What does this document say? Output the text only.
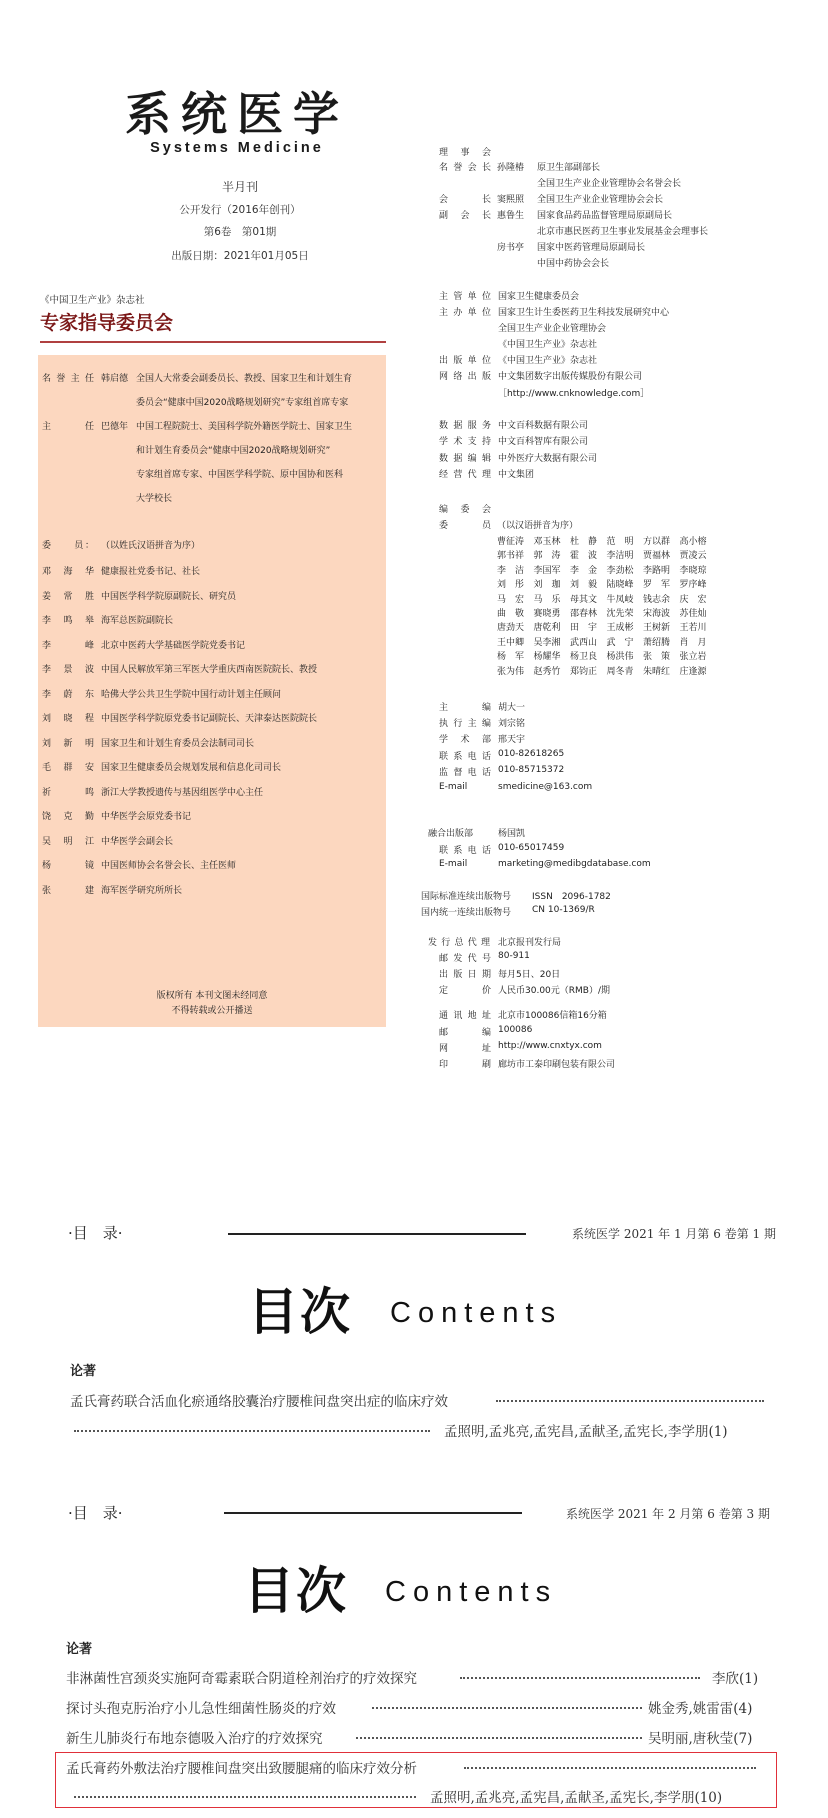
系统医学
Systems Medicine
半月刊
公开发行（2016年创刊）
第6卷　第01期
出版日期：2021年01月05日
《中国卫生产业》杂志社
专家指导委员会
名誉主任 韩启德 全国人大常委会副委员长、教授、国家卫生和计划生育
委员会“健康中国2020战略规划研究”专家组首席专家
主　　任 巴德年 中国工程院院士、美国科学院外籍医学院士、国家卫生
和计划生育委员会“健康中国2020战略规划研究”
专家组首席专家、中国医学科学院、原中国协和医科
大学校长
委　　员： （以姓氏汉语拼音为序）
邓海华 健康报社党委书记、社长
姜常胜 中国医学科学院原副院长、研究员
李鸣皋 海军总医院副院长
李　峰 北京中医药大学基础医学院党委书记
李景波 中国人民解放军第三军医大学重庆西南医院院长、教授
李蔚东 哈佛大学公共卫生学院中国行动计划主任顾问
刘晓程 中国医学科学院原党委书记副院长、天津泰达医院院长
刘新明 国家卫生和计划生育委员会法制司司长
毛群安 国家卫生健康委员会规划发展和信息化司司长
祈　鸣 浙江大学教授遗传与基因组医学中心主任
饶克勤 中华医学会原党委书记
吴明江 中华医学会副会长
杨　镜 中国医师协会名誉会长、主任医师
张　建 海军医学研究所所长
版权所有 本刊文图未经同意
不得转载或公开播送
理　事　会
名誉会长 孙隆椿 原卫生部副部长
全国卫生产业企业管理协会名誉会长
会　　长 窦熙照 全国卫生产业企业管理协会会长
副　会　长 惠鲁生 国家食品药品监督管理局原副局长
北京市惠民医药卫生事业发展基金会理事长
房书亭 国家中医药管理局原副局长
中国中药协会会长
主管单位 国家卫生健康委员会
主办单位 国家卫生计生委医药卫生科技发展研究中心
全国卫生产业企业管理协会
《中国卫生产业》杂志社
出版单位 《中国卫生产业》杂志社
网络出版 中文集团数字出版传媒股份有限公司
［http://www.cnknowledge.com］
数据服务 中文百科数据有限公司
学术支持 中文百科智库有限公司
数据编辑 中外医疗大数据有限公司
经营代理 中文集团
编　委　会
委　　员 （以汉语拼音为序）
曹征涛 邓玉林 杜　静 范　明 方以群 高小榕
郭书祥 郭　涛 霍　波 李洁明 贾福林 贾凌云
李　洁 李国军 李　金 李劲松 李路明 李晓琼
刘　彤 刘　珈 刘　毅 陆晓峰 罗　军 罗序峰
马　宏 马　乐 母其文 牛凤岐 钱志余 庆　宏
曲　敬 赛晓勇 邵春林 沈先荣 宋海波 苏佳灿
唐劲天 唐乾利 田　宇 王成彬 王树新 王若川
王中卿 吴李湘 武西山 武　宁 萧绍腾 肖　月
杨　军 杨耀华 杨卫良 杨洪伟 张　策 张立岩
张为伟 赵秀竹 郑钧正 周冬青 朱晴红 庄逢源
主　　编 胡大一
执行主编 刘宗铭
学 术 部 邢天宇
联系电话 010-82618265
监督电话 010-85715372
E-mail	smedicine@163.com
融合出版部	杨国凯
联系电话 010-65017459
E-mail	marketing@medibgdatabase.com
国际标准连续出版物号 ISSN　2096-1782
国内统一连续出版物号 CN 10-1369/R
发行总代理 北京报刊发行局
邮发代号 80-911
出版日期 每月5日、20日
定　　价 人民币30.00元（RMB）/期
通讯地址 北京市100086信箱16分箱
邮　　编 100086
网　　址 http://www.cnxtyx.com
印　　刷 廊坊市工泰印刷包装有限公司
·目　录·	系统医学 2021 年 1 月第 6 卷第 1 期
目次 Contents
论著
孟氏膏药联合活血化瘀通络胶囊治疗腰椎间盘突出症的临床疗效
孟照明,孟兆亮,孟宪昌,孟献圣,孟宪长,李学朋(1)
·目　录·	系统医学 2021 年 2 月第 6 卷第 3 期
目次 Contents
论著
非淋菌性宫颈炎实施阿奇霉素联合阴道栓剂治疗的疗效探究	李欣(1)
探讨头孢克肟治疗小儿急性细菌性肠炎的疗效	姚金秀,姚雷雷(4)
新生儿肺炎行布地奈德吸入治疗的疗效探究	吴明丽,唐秋莹(7)
孟氏膏药外敷法治疗腰椎间盘突出致腰腿痛的临床疗效分析
孟照明,孟兆亮,孟宪昌,孟献圣,孟宪长,李学朋(10)
